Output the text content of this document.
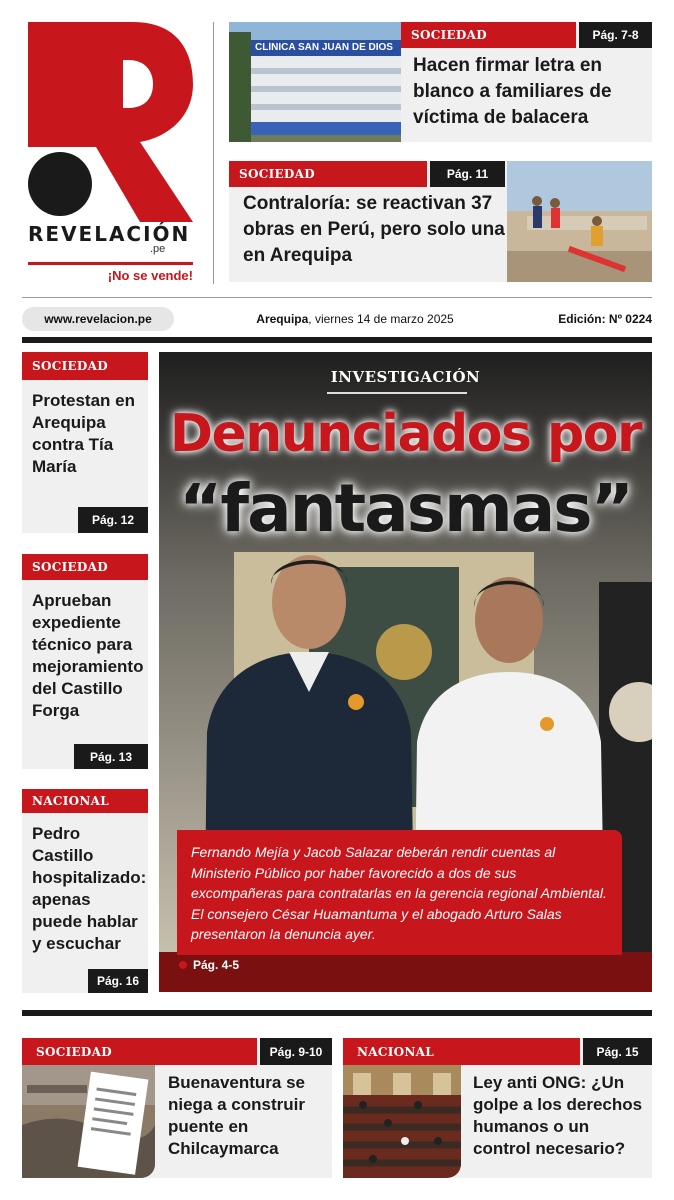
REVELACIÓN
.pe
¡No se vende!
CLÍNICA SAN JUAN DE DIOS
SOCIEDAD	Pág. 7-8
Hacen firmar letra en blanco a familiares de víctima de balacera
SOCIEDAD	Pág. 11
Contraloría: se reactivan 37 obras en Perú, pero solo una en Arequipa
www.revelacion.pe	Arequipa, viernes 14 de marzo 2025	Edición: Nº 0224
SOCIEDAD
Protestan en Arequipa contra Tía María
Pág. 12
SOCIEDAD
Aprueban expediente técnico para mejoramiento del Castillo Forga
Pág. 13
NACIONAL
Pedro Castillo hospitalizado: apenas puede hablar y escuchar
Pág. 16
INVESTIGACIÓN
Denunciados por
“fantasmas”
Fernando Mejía y Jacob Salazar deberán rendir cuentas al Ministerio Público por haber favorecido a dos de sus excompañeras para contratarlas en la gerencia regional Ambiental. El consejero César Huamantuma y el abogado Arturo Salas presentaron la denuncia ayer.
Pág. 4-5
SOCIEDAD	Pág. 9-10
Buenaventura se niega a construir puente en Chilcaymarca
NACIONAL	Pág. 15
Ley anti ONG: ¿Un golpe a los derechos humanos o un control necesario?
